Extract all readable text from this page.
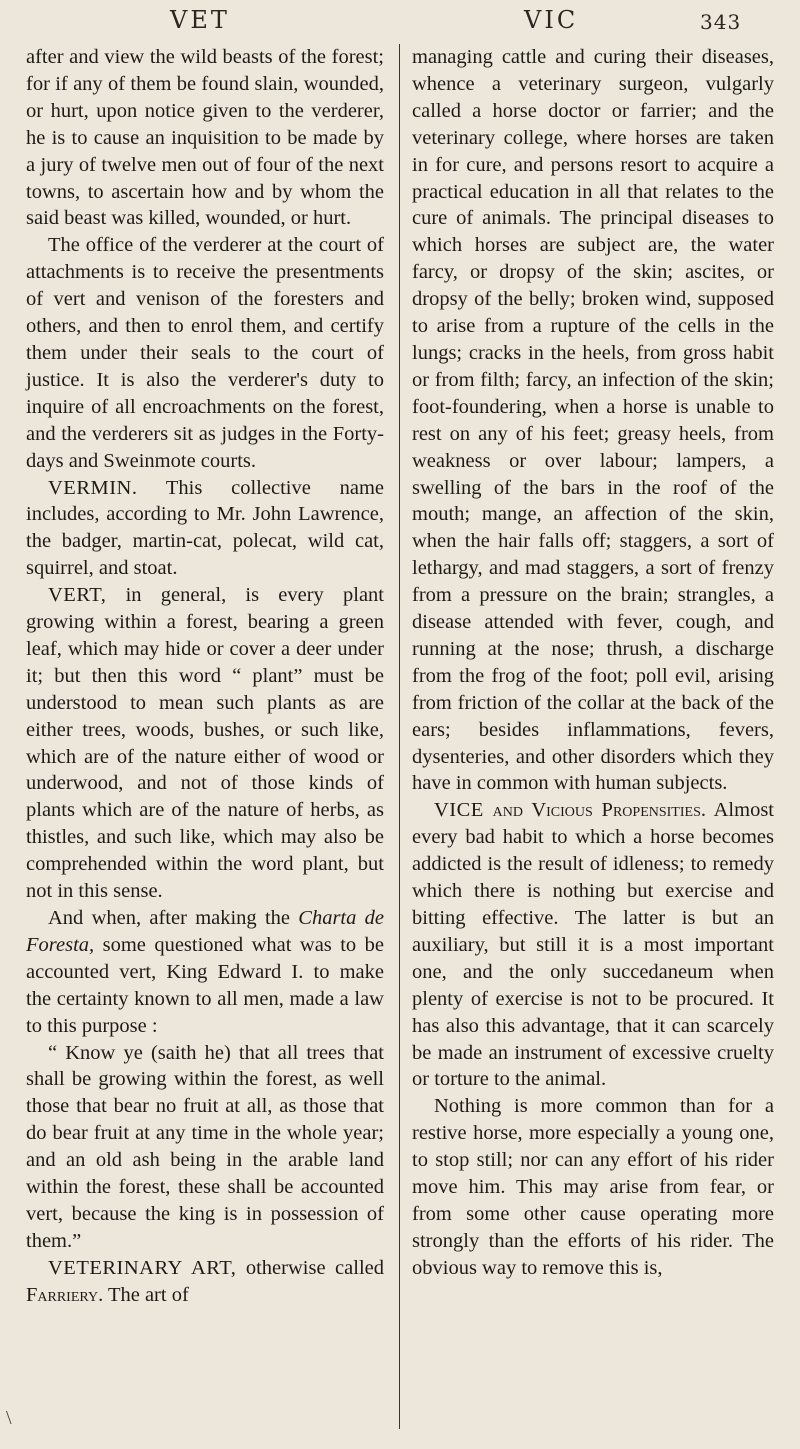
VET	VIC	343

after and view the wild beasts of the forest; for if any of them be found slain, wounded, or hurt, upon notice given to the verderer, he is to cause an inquisition to be made by a jury of twelve men out of four of the next towns, to ascertain how and by whom the said beast was killed, wounded, or hurt.

The office of the verderer at the court of attachments is to receive the presentments of vert and venison of the foresters and others, and then to enrol them, and certify them under their seals to the court of justice. It is also the verderer's duty to inquire of all encroachments on the forest, and the verderers sit as judges in the Forty-days and Sweinmote courts.

VERMIN. This collective name includes, according to Mr. John Lawrence, the badger, martin-cat, polecat, wild cat, squirrel, and stoat.

VERT, in general, is every plant growing within a forest, bearing a green leaf, which may hide or cover a deer under it; but then this word “ plant” must be understood to mean such plants as are either trees, woods, bushes, or such like, which are of the nature either of wood or underwood, and not of those kinds of plants which are of the nature of herbs, as thistles, and such like, which may also be comprehended within the word plant, but not in this sense.

And when, after making the Charta de Foresta, some questioned what was to be accounted vert, King Edward I. to make the certainty known to all men, made a law to this purpose :

“ Know ye (saith he) that all trees that shall be growing within the forest, as well those that bear no fruit at all, as those that do bear fruit at any time in the whole year; and an old ash being in the arable land within the forest, these shall be accounted vert, because the king is in possession of them.”

VETERINARY ART, otherwise called Farriery. The art of

\

managing cattle and curing their diseases, whence a veterinary surgeon, vulgarly called a horse doctor or farrier; and the veterinary college, where horses are taken in for cure, and persons resort to acquire a practical education in all that relates to the cure of animals. The principal diseases to which horses are subject are, the water farcy, or dropsy of the skin; ascites, or dropsy of the belly; broken wind, supposed to arise from a rupture of the cells in the lungs; cracks in the heels, from gross habit or from filth; farcy, an infection of the skin; foot-foundering, when a horse is unable to rest on any of his feet; greasy heels, from weakness or over labour; lampers, a swelling of the bars in the roof of the mouth; mange, an affection of the skin, when the hair falls off; staggers, a sort of lethargy, and mad staggers, a sort of frenzy from a pressure on the brain; strangles, a disease attended with fever, cough, and running at the nose; thrush, a discharge from the frog of the foot; poll evil, arising from friction of the collar at the back of the ears; besides inflammations, fevers, dysenteries, and other disorders which they have in common with human subjects.

VICE and Vicious Propensities. Almost every bad habit to which a horse becomes addicted is the result of idleness; to remedy which there is nothing but exercise and bitting effective. The latter is but an auxiliary, but still it is a most important one, and the only succedaneum when plenty of exercise is not to be procured. It has also this advantage, that it can scarcely be made an instrument of excessive cruelty or torture to the animal.

Nothing is more common than for a restive horse, more especially a young one, to stop still; nor can any effort of his rider move him. This may arise from fear, or from some other cause operating more strongly than the efforts of his rider. The obvious way to remove this is,
